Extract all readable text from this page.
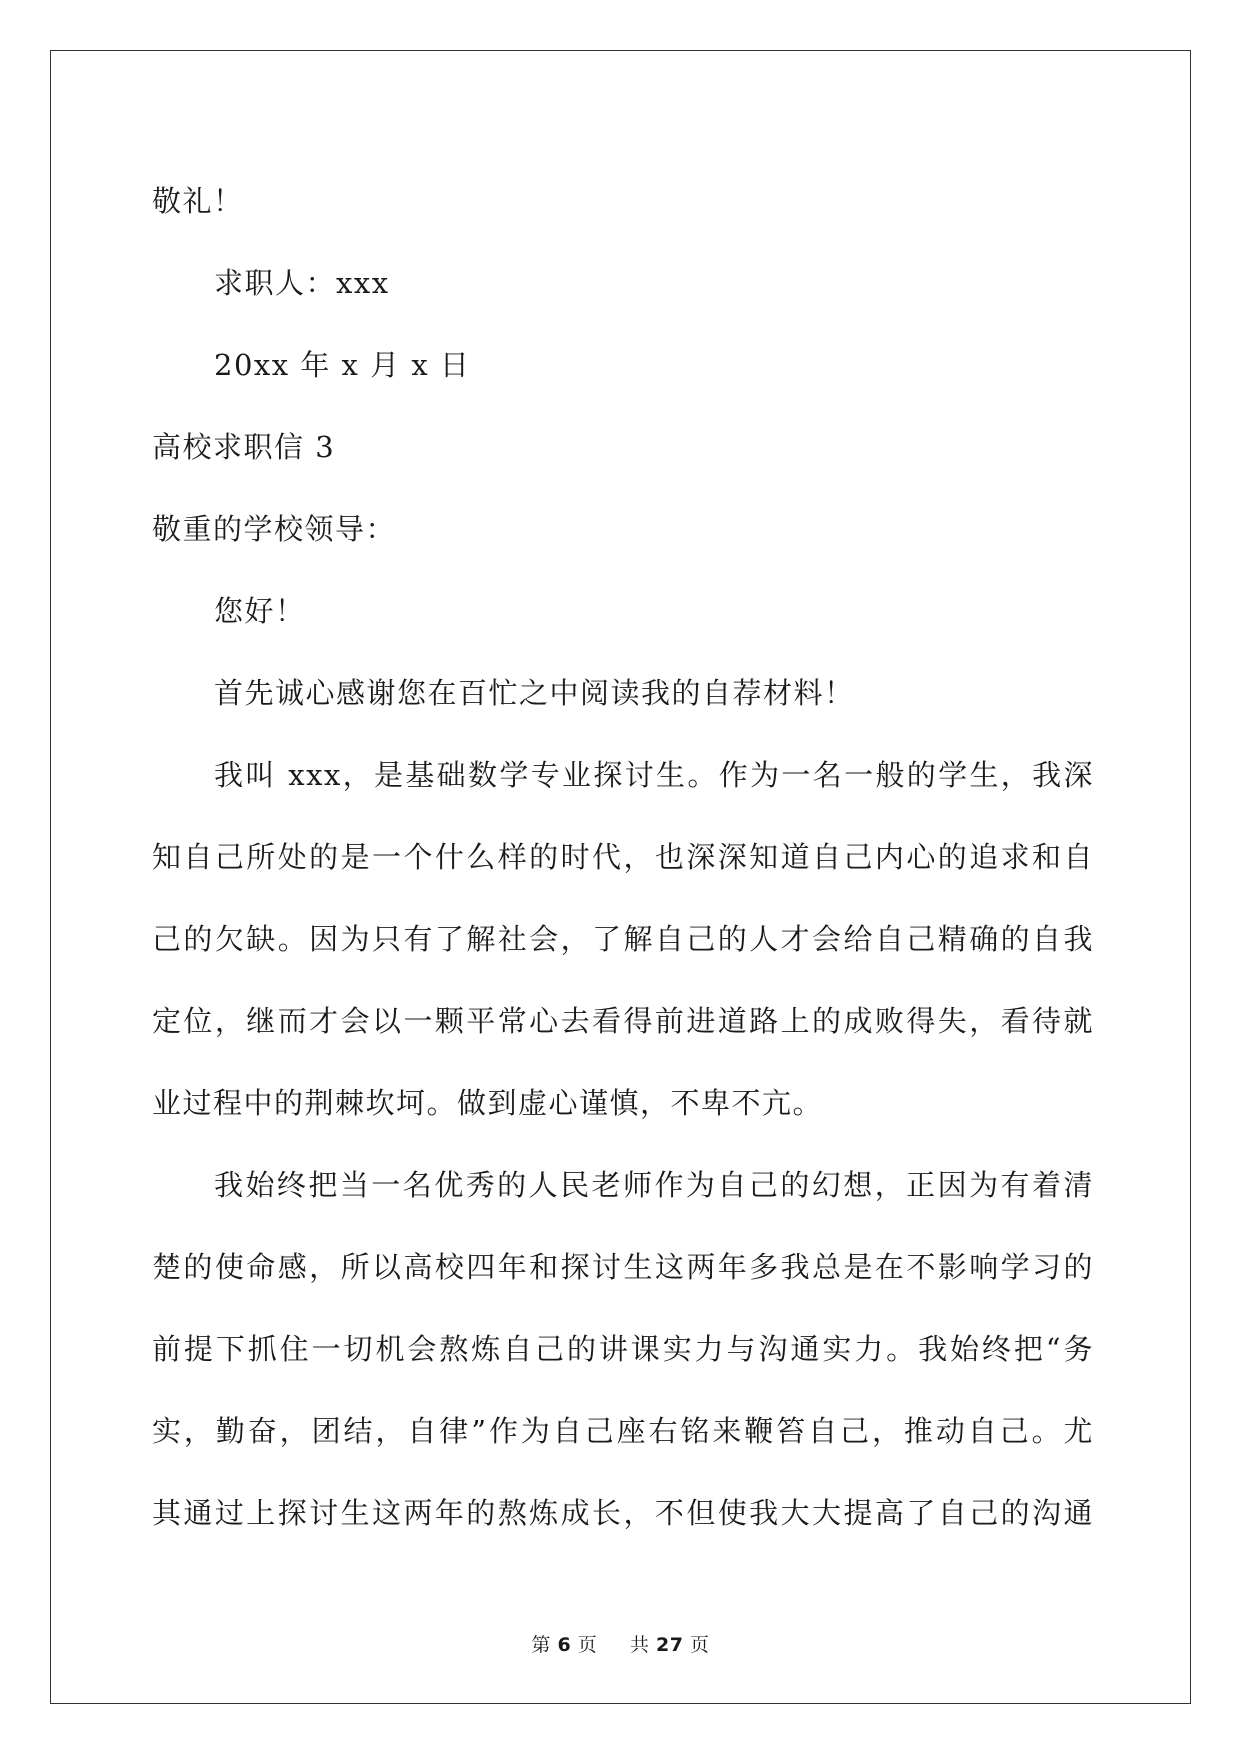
敬礼！
求职人：xxx
20xx 年 x 月 x 日
高校求职信 3
敬重的学校领导：
您好！
首先诚心感谢您在百忙之中阅读我的自荐材料！
我叫 xxx，是基础数学专业探讨生。作为一名一般的学生，我深
知自己所处的是一个什么样的时代，也深深知道自己内心的追求和自
己的欠缺。因为只有了解社会，了解自己的人才会给自己精确的自我
定位，继而才会以一颗平常心去看得前进道路上的成败得失，看待就
业过程中的荆棘坎坷。做到虚心谨慎，不卑不亢。
我始终把当一名优秀的人民老师作为自己的幻想，正因为有着清
楚的使命感，所以高校四年和探讨生这两年多我总是在不影响学习的
前提下抓住一切机会熬炼自己的讲课实力与沟通实力。我始终把“务
实，勤奋，团结，自律”作为自己座右铭来鞭笞自己，推动自己。尤
其通过上探讨生这两年的熬炼成长，不但使我大大提高了自己的沟通
第 6 页 共 27 页
